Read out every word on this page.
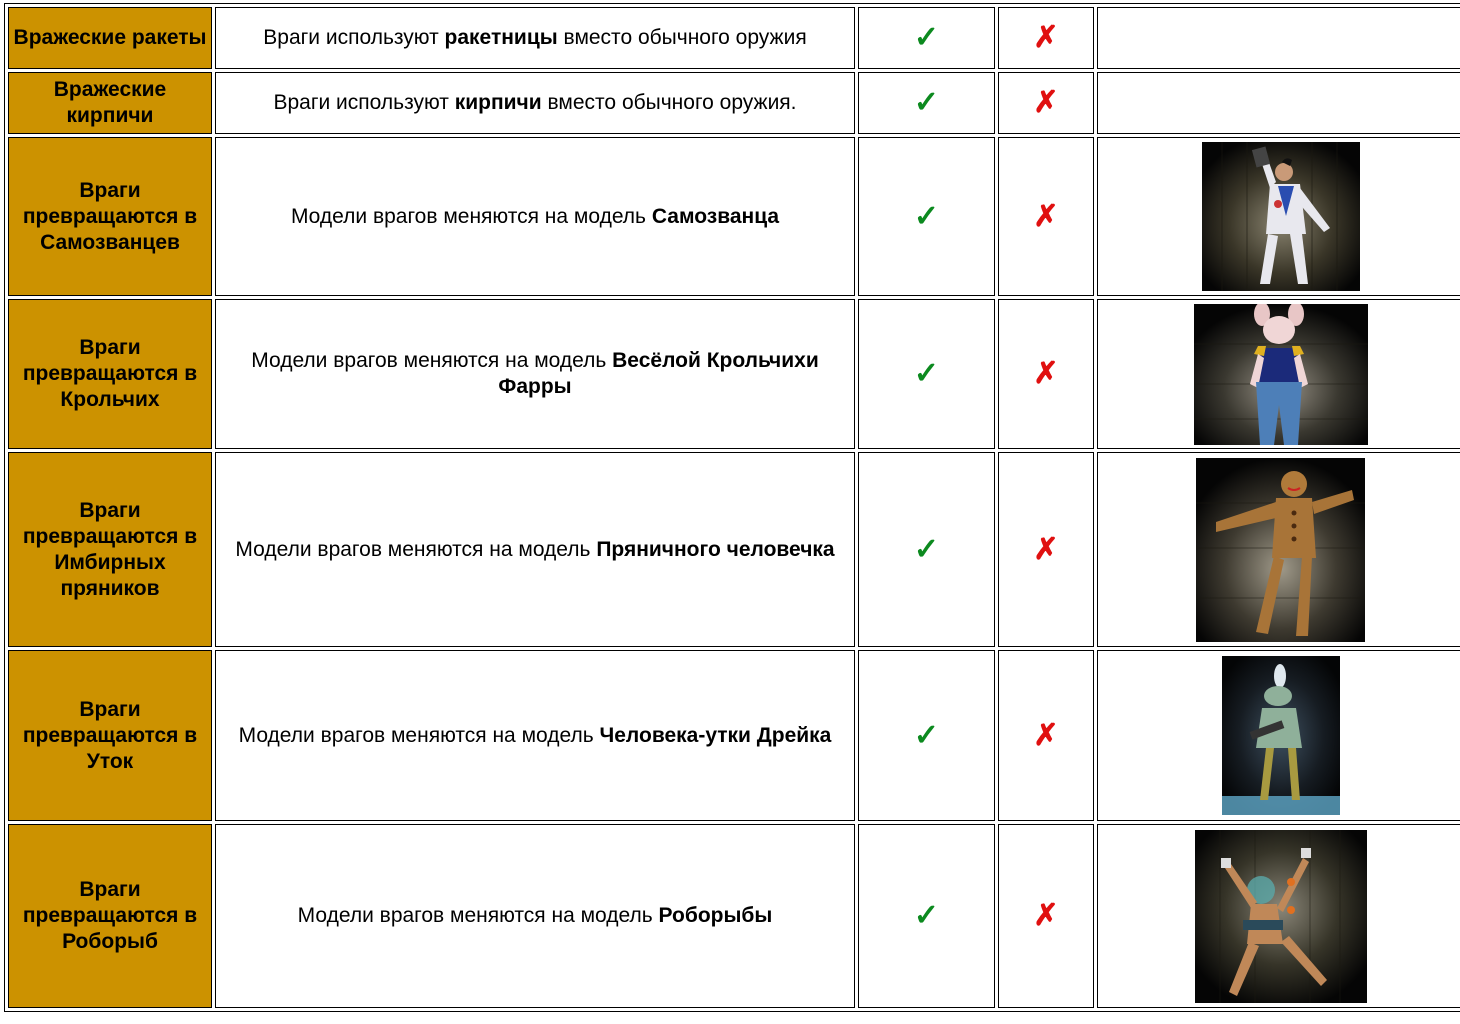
Вражеские ракеты	Враги используют ракетницы вместо обычного оружия	✓	✗	
Вражеские кирпичи	Враги используют кирпичи вместо обычного оружия.	✓	✗	
Враги превращаются в Самозванцев	Модели врагов меняются на модель Самозванца	✓	✗	

Враги превращаются в Крольчих	Модели врагов меняются на модель Весёлой Крольчихи Фарры	✓	✗	

Враги превращаются в Имбирных пряников	Модели врагов меняются на модель Пряничного человечка	✓	✗	

Враги превращаются в Уток	Модели врагов меняются на модель Человека-утки Дрейка	✓	✗	

Враги превращаются в Роборыб	Модели врагов меняются на модель Роборыбы	✓	✗	
